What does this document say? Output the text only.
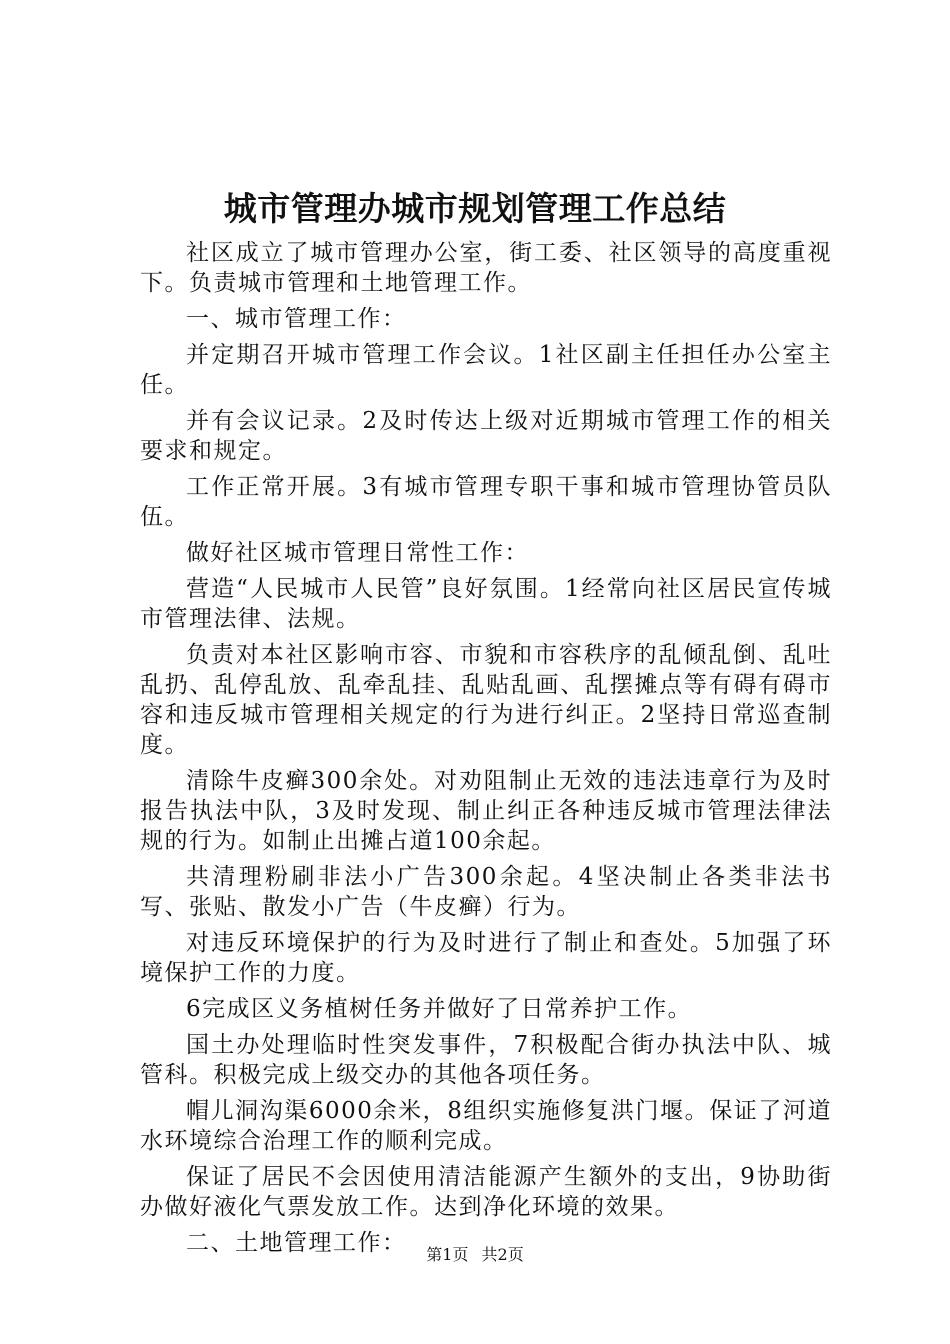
城市管理办城市规划管理工作总结

社区成立了城市管理办公室，街工委、社区领导的高度重视下。负责城市管理和土地管理工作。

一、城市管理工作：

并定期召开城市管理工作会议。1社区副主任担任办公室主任。

并有会议记录。2及时传达上级对近期城市管理工作的相关要求和规定。

工作正常开展。3有城市管理专职干事和城市管理协管员队伍。

做好社区城市管理日常性工作：

营造“人民城市人民管”良好氛围。1经常向社区居民宣传城市管理法律、法规。

负责对本社区影响市容、市貌和市容秩序的乱倾乱倒、乱吐乱扔、乱停乱放、乱牵乱挂、乱贴乱画、乱摆摊点等有碍有碍市容和违反城市管理相关规定的行为进行纠正。2坚持日常巡查制度。

清除牛皮癣300余处。对劝阻制止无效的违法违章行为及时报告执法中队，3及时发现、制止纠正各种违反城市管理法律法规的行为。如制止出摊占道100余起。

共清理粉刷非法小广告300余起。4坚决制止各类非法书写、张贴、散发小广告（牛皮癣）行为。

对违反环境保护的行为及时进行了制止和查处。5加强了环境保护工作的力度。

6完成区义务植树任务并做好了日常养护工作。

国土办处理临时性突发事件，7积极配合街办执法中队、城管科。积极完成上级交办的其他各项任务。

帽儿洞沟渠6000余米，8组织实施修复洪门堰。保证了河道水环境综合治理工作的顺利完成。

保证了居民不会因使用清洁能源产生额外的支出，9协助街办做好液化气票发放工作。达到净化环境的效果。

二、土地管理工作：	第1页 共2页
